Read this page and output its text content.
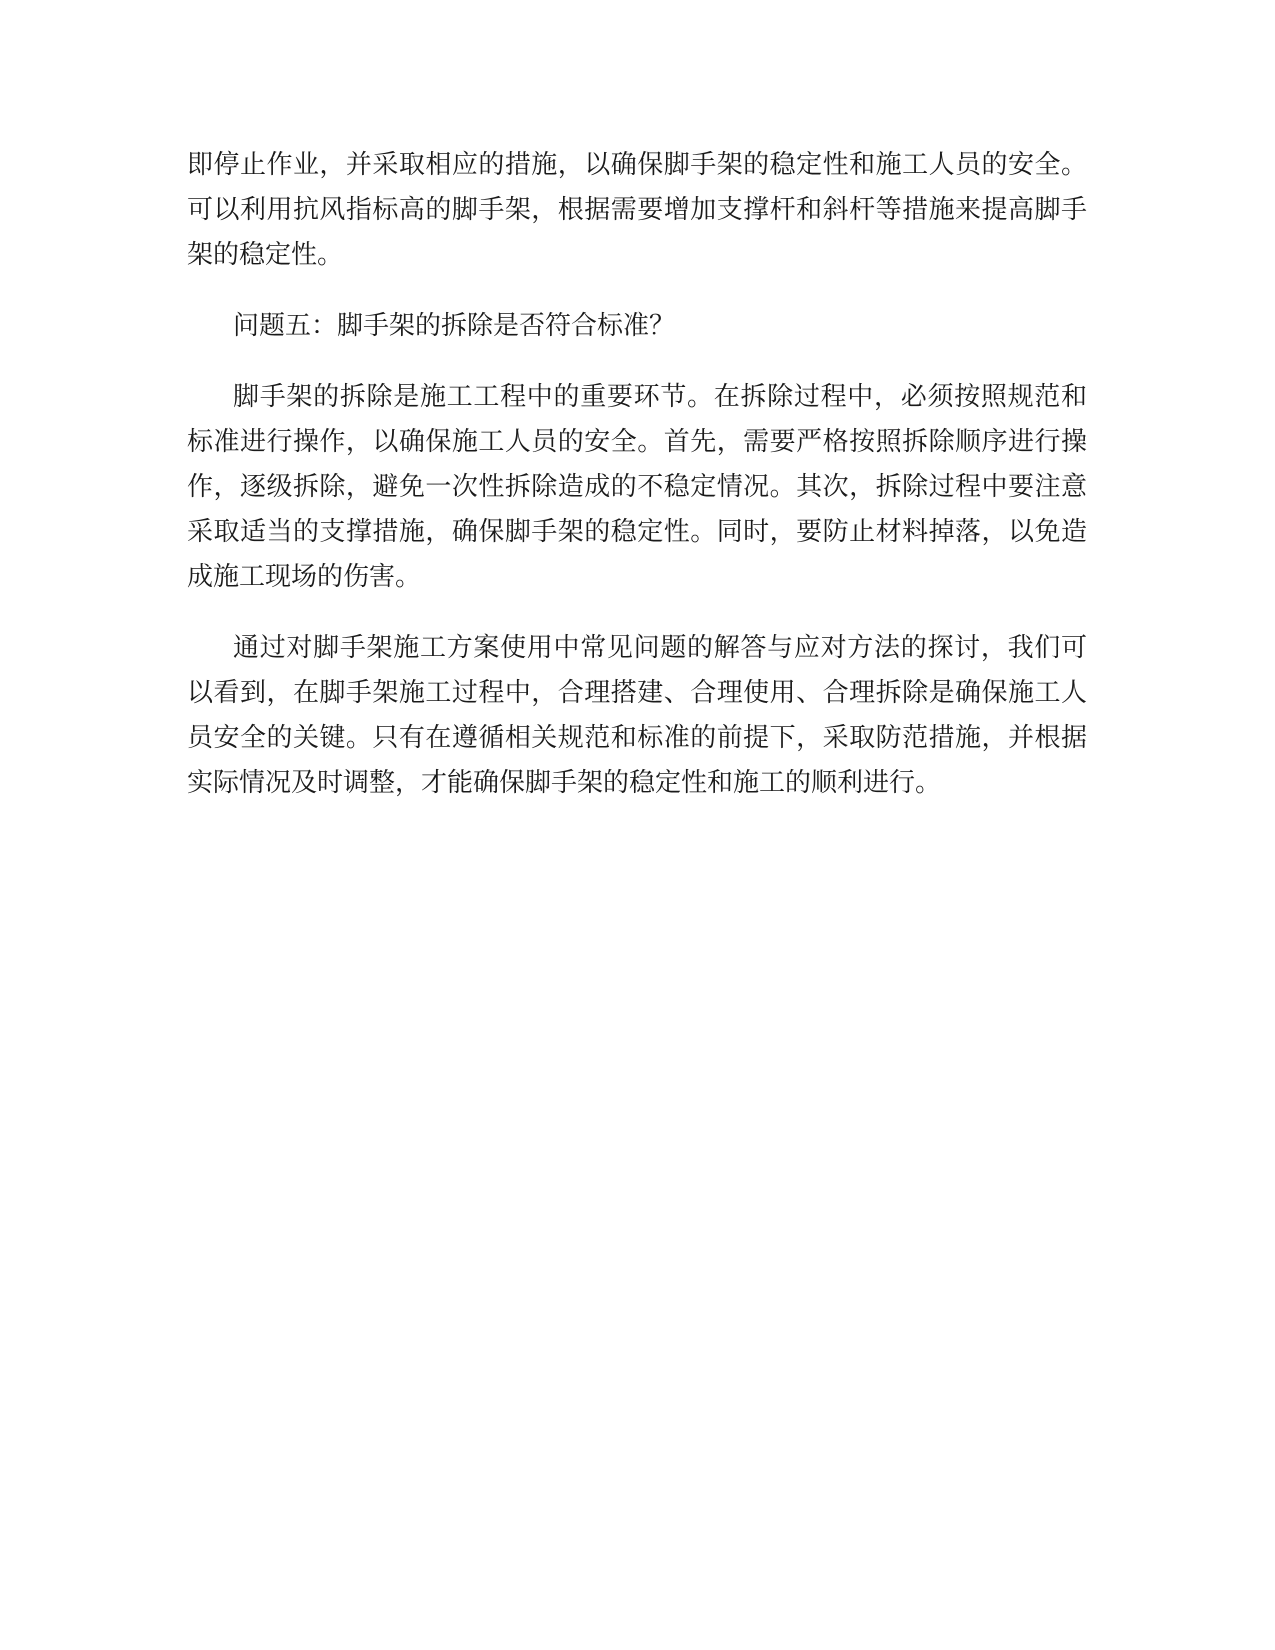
即停止作业，并采取相应的措施，以确保脚手架的稳定性和施工人员的安全。可以利用抗风指标高的脚手架，根据需要增加支撑杆和斜杆等措施来提高脚手架的稳定性。

问题五：脚手架的拆除是否符合标准？

脚手架的拆除是施工工程中的重要环节。在拆除过程中，必须按照规范和标准进行操作，以确保施工人员的安全。首先，需要严格按照拆除顺序进行操作，逐级拆除，避免一次性拆除造成的不稳定情况。其次，拆除过程中要注意采取适当的支撑措施，确保脚手架的稳定性。同时，要防止材料掉落，以免造成施工现场的伤害。

通过对脚手架施工方案使用中常见问题的解答与应对方法的探讨，我们可以看到，在脚手架施工过程中，合理搭建、合理使用、合理拆除是确保施工人员安全的关键。只有在遵循相关规范和标准的前提下，采取防范措施，并根据实际情况及时调整，才能确保脚手架的稳定性和施工的顺利进行。
